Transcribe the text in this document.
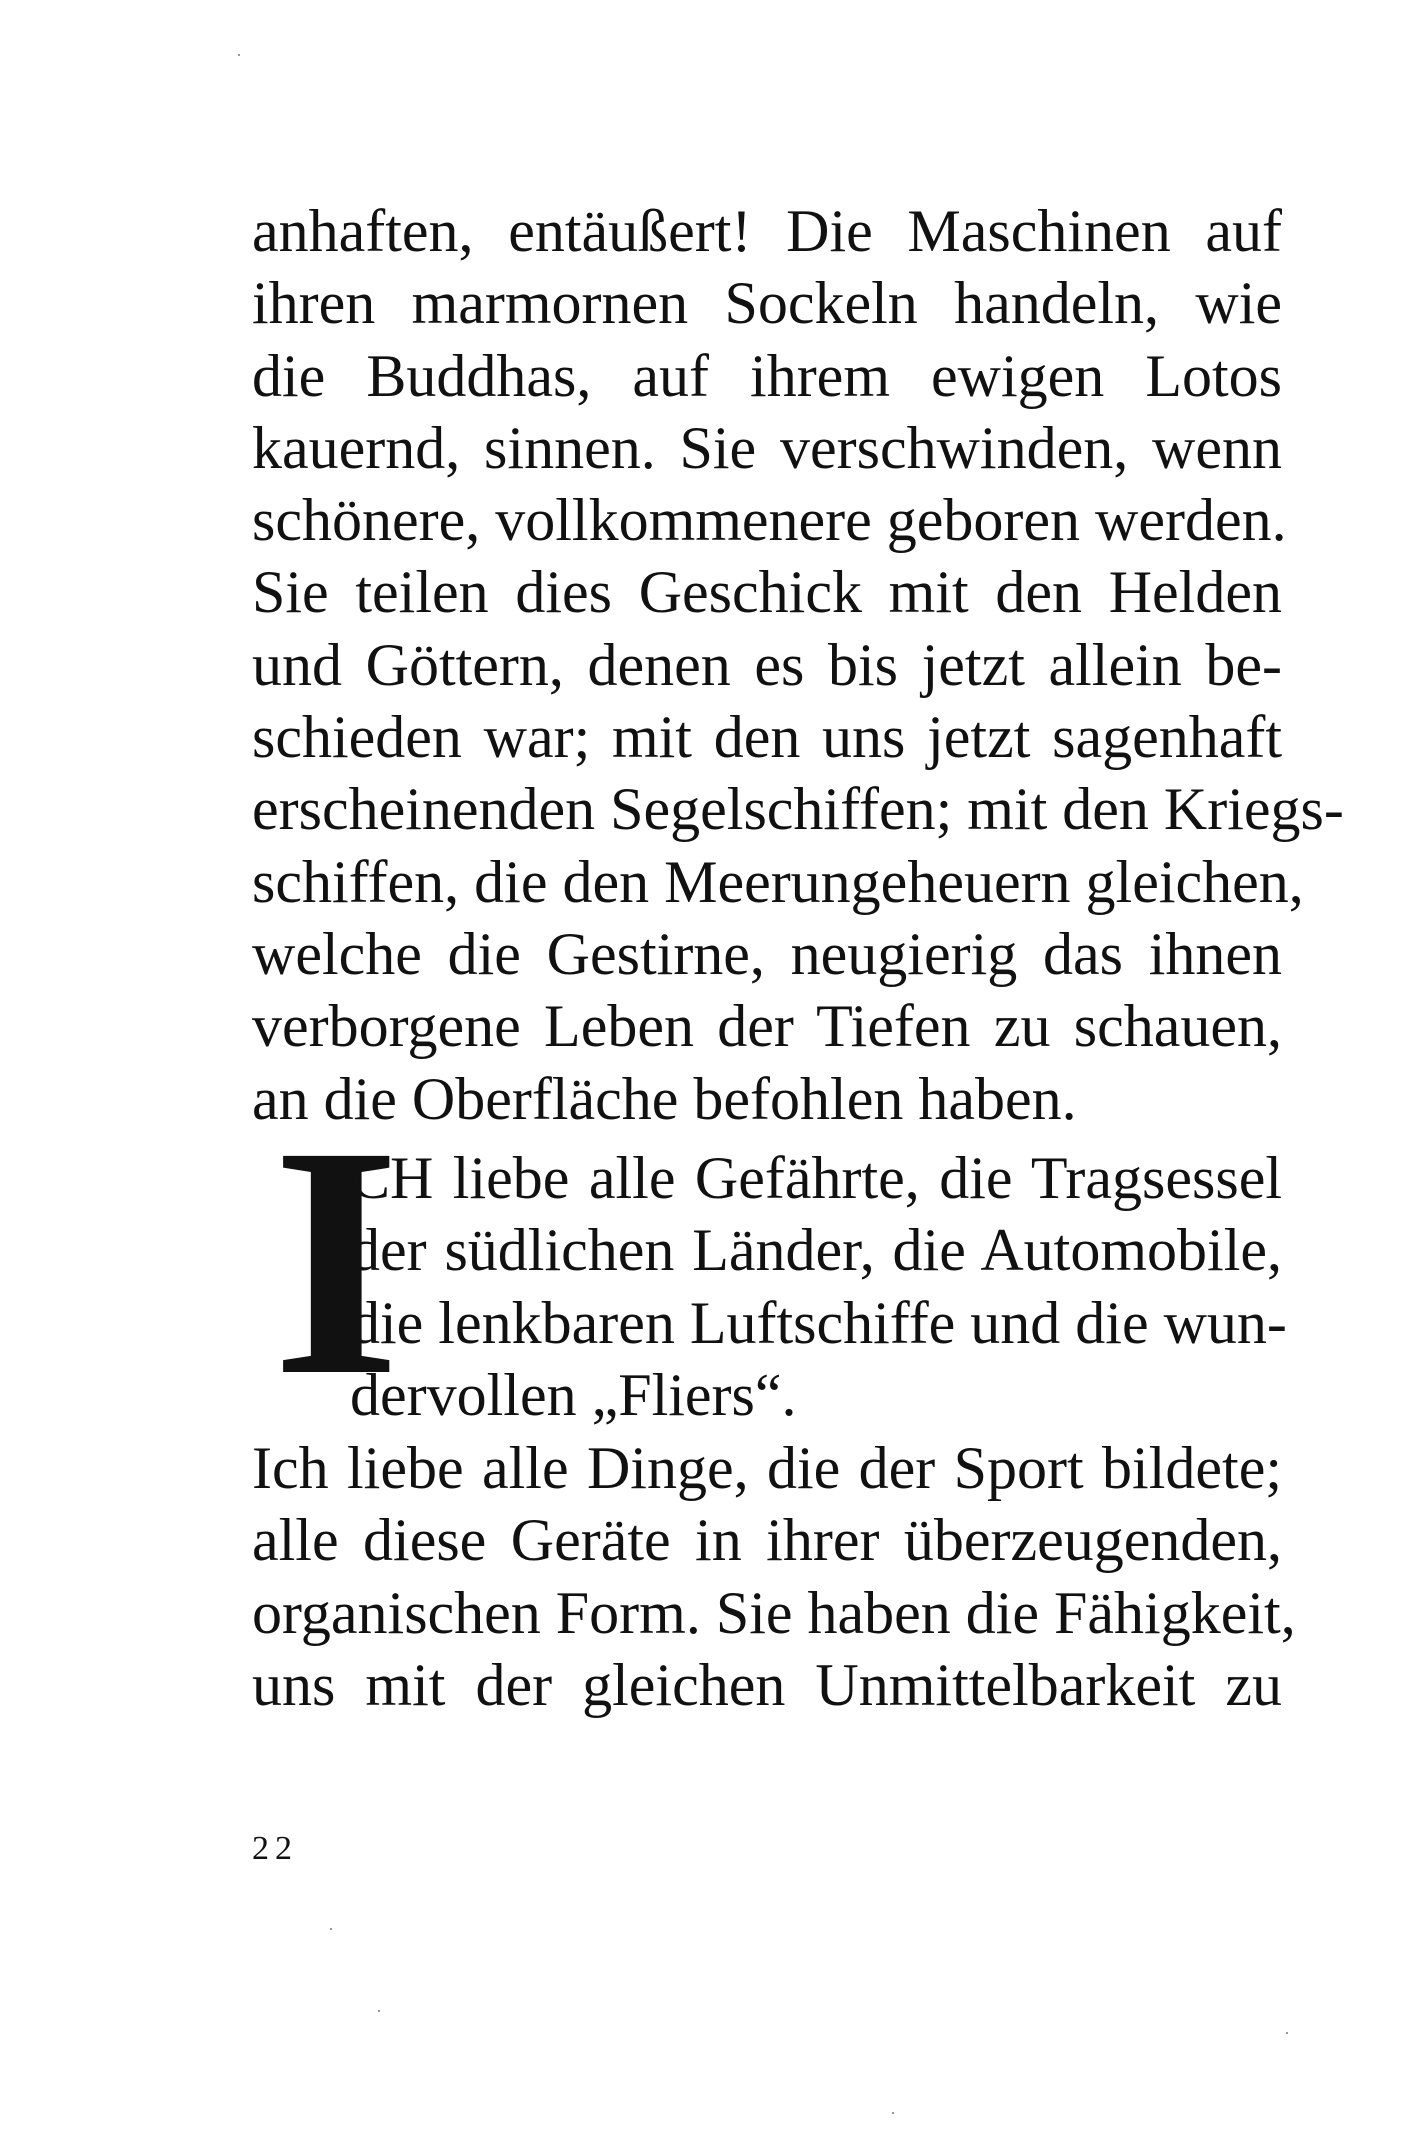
anhaften, entäußert! Die Maschinen auf
ihren marmornen Sockeln handeln, wie
die Buddhas, auf ihrem ewigen Lotos
kauernd, sinnen. Sie verschwinden, wenn
schönere, vollkommenere geboren werden.
Sie teilen dies Geschick mit den Helden
und Göttern, denen es bis jetzt allein be-
schieden war; mit den uns jetzt sagenhaft
erscheinenden Segelschiffen; mit den Kriegs-
schiffen, die den Meerungeheuern gleichen,
welche die Gestirne, neugierig das ihnen
verborgene Leben der Tiefen zu schauen,
an die Oberfläche befohlen haben.
I
CH liebe alle Gefährte, die Tragsessel
der südlichen Länder, die Automobile,
die lenkbaren Luftschiffe und die wun-
dervollen „Fliers“.
Ich liebe alle Dinge, die der Sport bildete;
alle diese Geräte in ihrer überzeugenden,
organischen Form. Sie haben die Fähigkeit,
uns mit der gleichen Unmittelbarkeit zu
22
